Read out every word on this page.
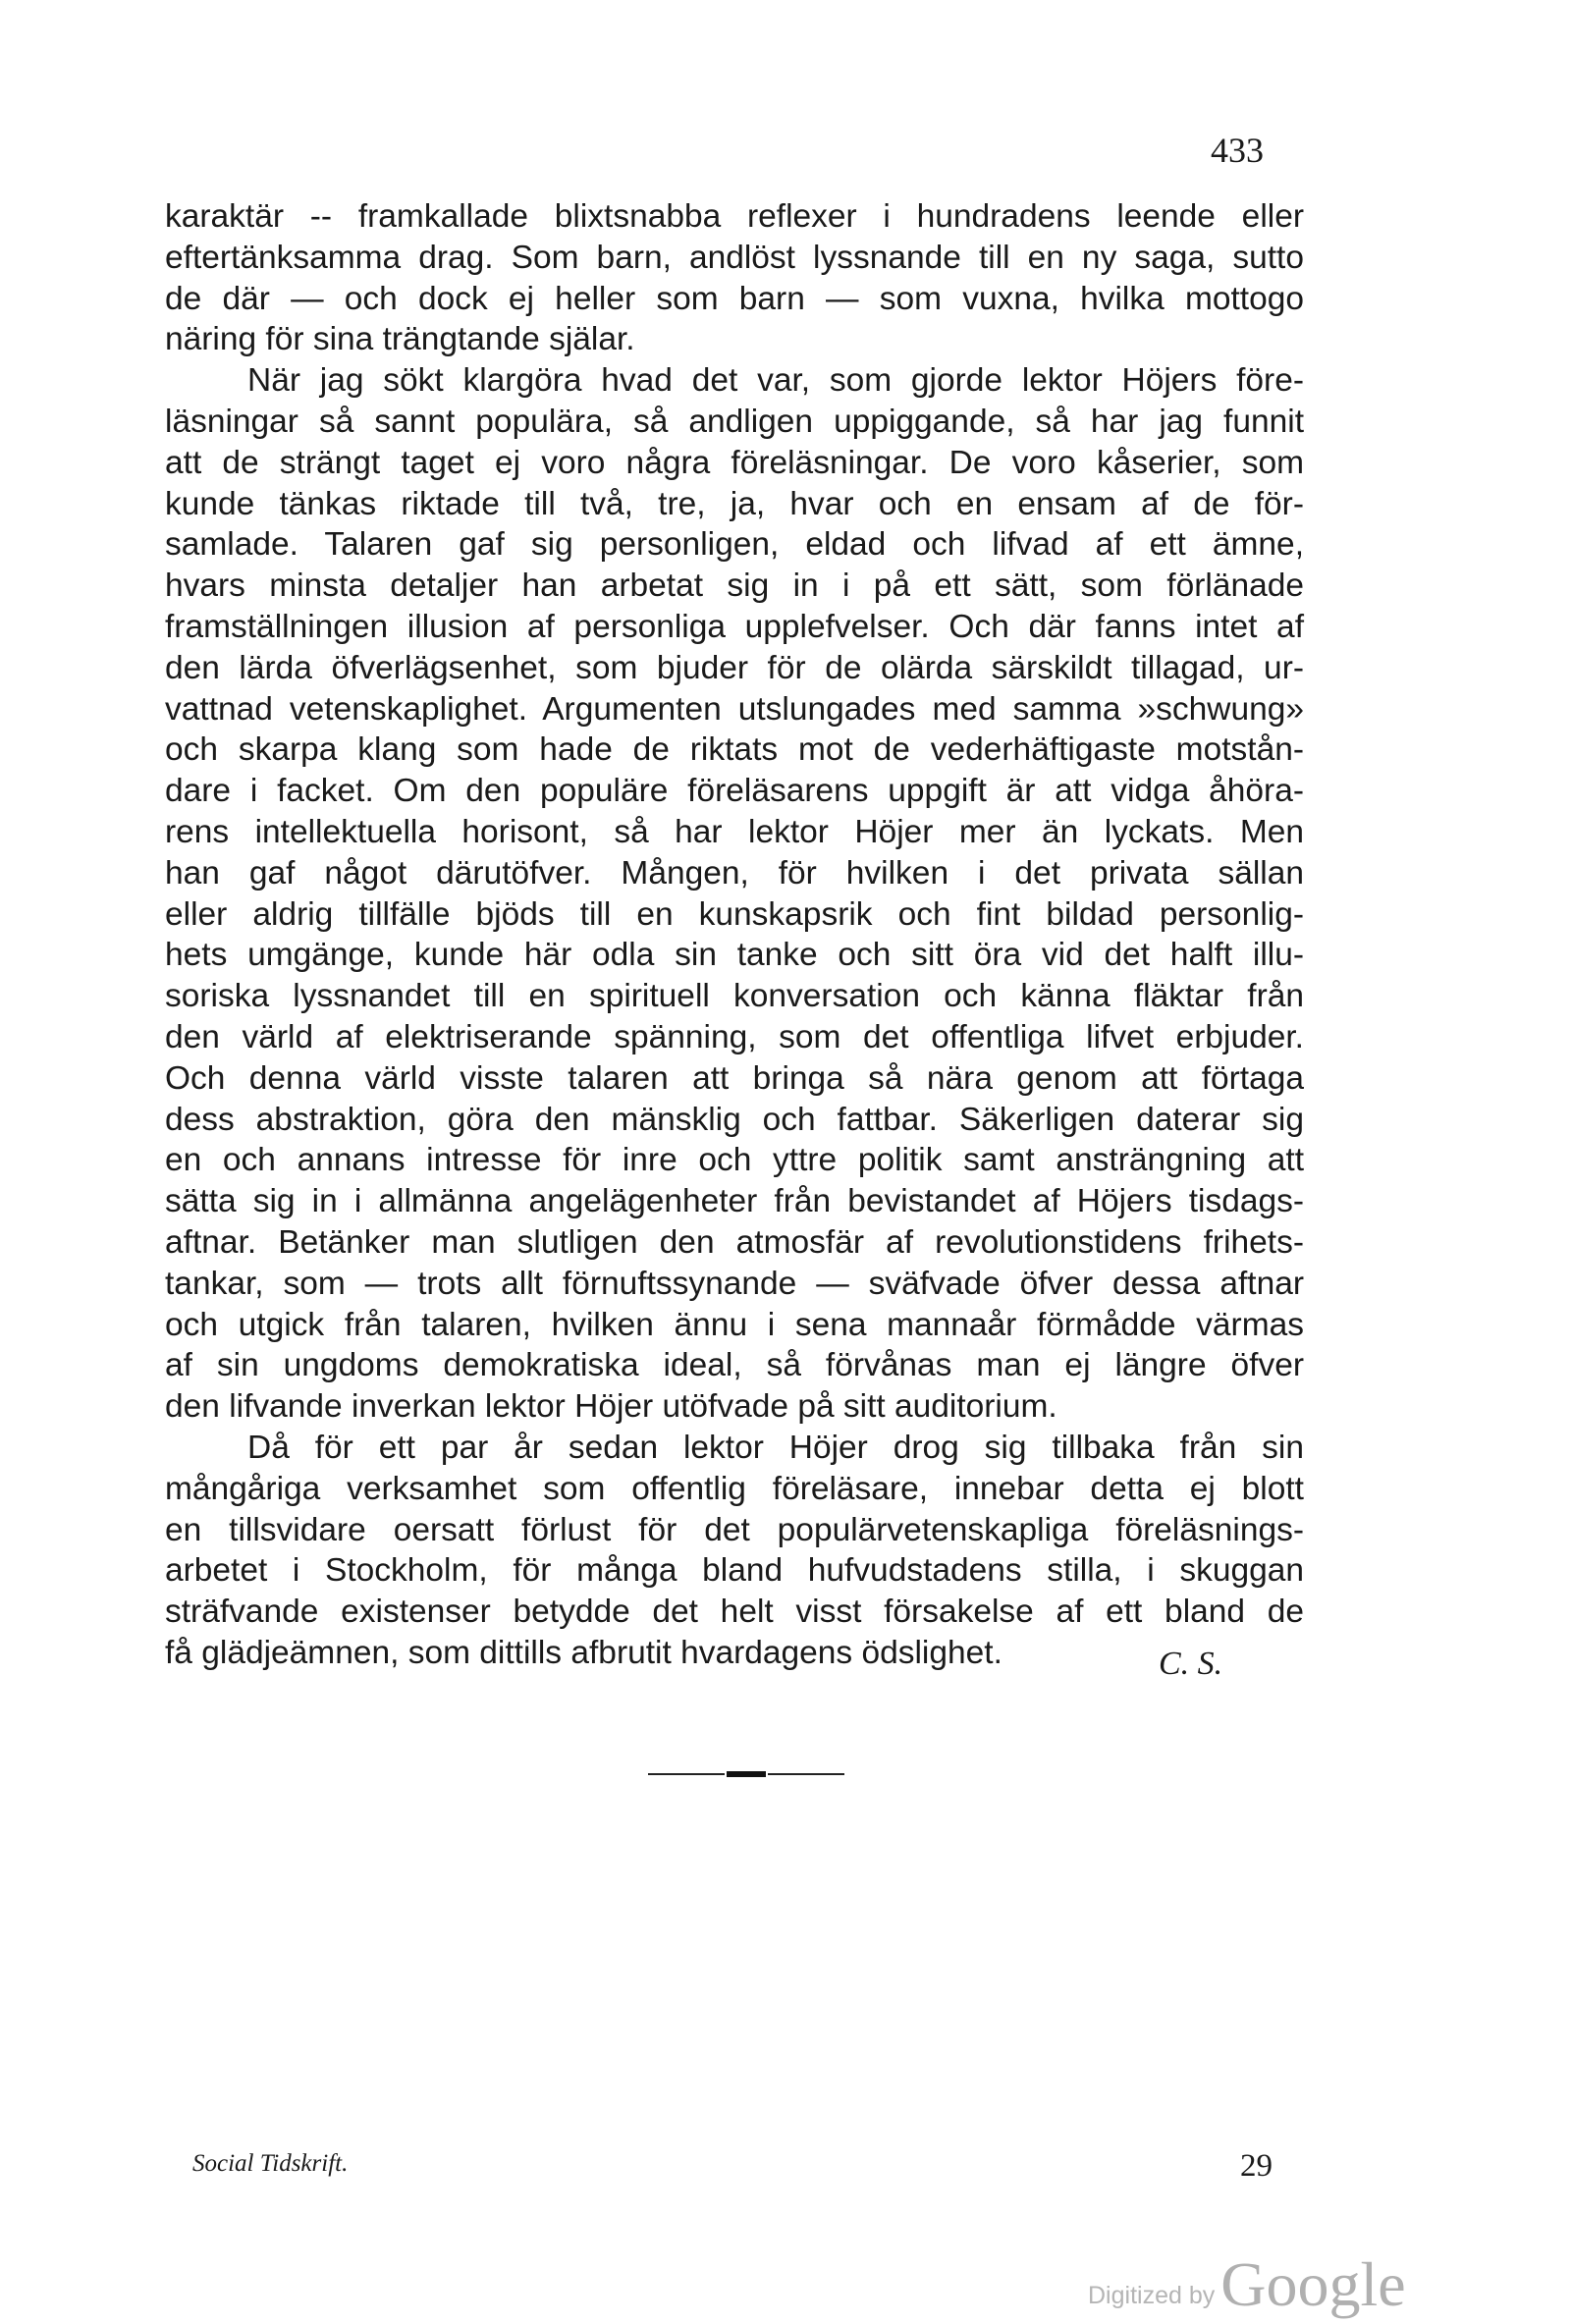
433
karaktär -- framkallade blixtsnabba reflexer i hundradens leende eller
eftertänksamma drag. Som barn, andlöst lyssnande till en ny saga, sutto
de där — och dock ej heller som barn — som vuxna, hvilka mottogo
näring för sina trängtande själar.
När jag sökt klargöra hvad det var, som gjorde lektor Höjers före-
läsningar så sannt populära, så andligen uppiggande, så har jag funnit
att de strängt taget ej voro några föreläsningar. De voro kåserier, som
kunde tänkas riktade till två, tre, ja, hvar och en ensam af de för-
samlade. Talaren gaf sig personligen, eldad och lifvad af ett ämne,
hvars minsta detaljer han arbetat sig in i på ett sätt, som förlänade
framställningen illusion af personliga upplefvelser. Och där fanns intet af
den lärda öfverlägsenhet, som bjuder för de olärda särskildt tillagad, ur-
vattnad vetenskaplighet. Argumenten utslungades med samma »schwung»
och skarpa klang som hade de riktats mot de vederhäftigaste motstån-
dare i facket. Om den populäre föreläsarens uppgift är att vidga åhöra-
rens intellektuella horisont, så har lektor Höjer mer än lyckats. Men
han gaf något därutöfver. Mången, för hvilken i det privata sällan
eller aldrig tillfälle bjöds till en kunskapsrik och fint bildad personlig-
hets umgänge, kunde här odla sin tanke och sitt öra vid det halft illu-
soriska lyssnandet till en spirituell konversation och känna fläktar från
den värld af elektriserande spänning, som det offentliga lifvet erbjuder.
Och denna värld visste talaren att bringa så nära genom att förtaga
dess abstraktion, göra den mänsklig och fattbar. Säkerligen daterar sig
en och annans intresse för inre och yttre politik samt ansträngning att
sätta sig in i allmänna angelägenheter från bevistandet af Höjers tisdags-
aftnar. Betänker man slutligen den atmosfär af revolutionstidens frihets-
tankar, som — trots allt förnuftssynande — sväfvade öfver dessa aftnar
och utgick från talaren, hvilken ännu i sena mannaår förmådde värmas
af sin ungdoms demokratiska ideal, så förvånas man ej längre öfver
den lifvande inverkan lektor Höjer utöfvade på sitt auditorium.
Då för ett par år sedan lektor Höjer drog sig tillbaka från sin
mångåriga verksamhet som offentlig föreläsare, innebar detta ej blott
en tillsvidare oersatt förlust för det populärvetenskapliga föreläsnings-
arbetet i Stockholm, för många bland hufvudstadens stilla, i skuggan
sträfvande existenser betydde det helt visst försakelse af ett bland de
få glädjeämnen, som dittills afbrutit hvardagens ödslighet.	C. S.
Social Tidskrift.	29
Digitized by Google
